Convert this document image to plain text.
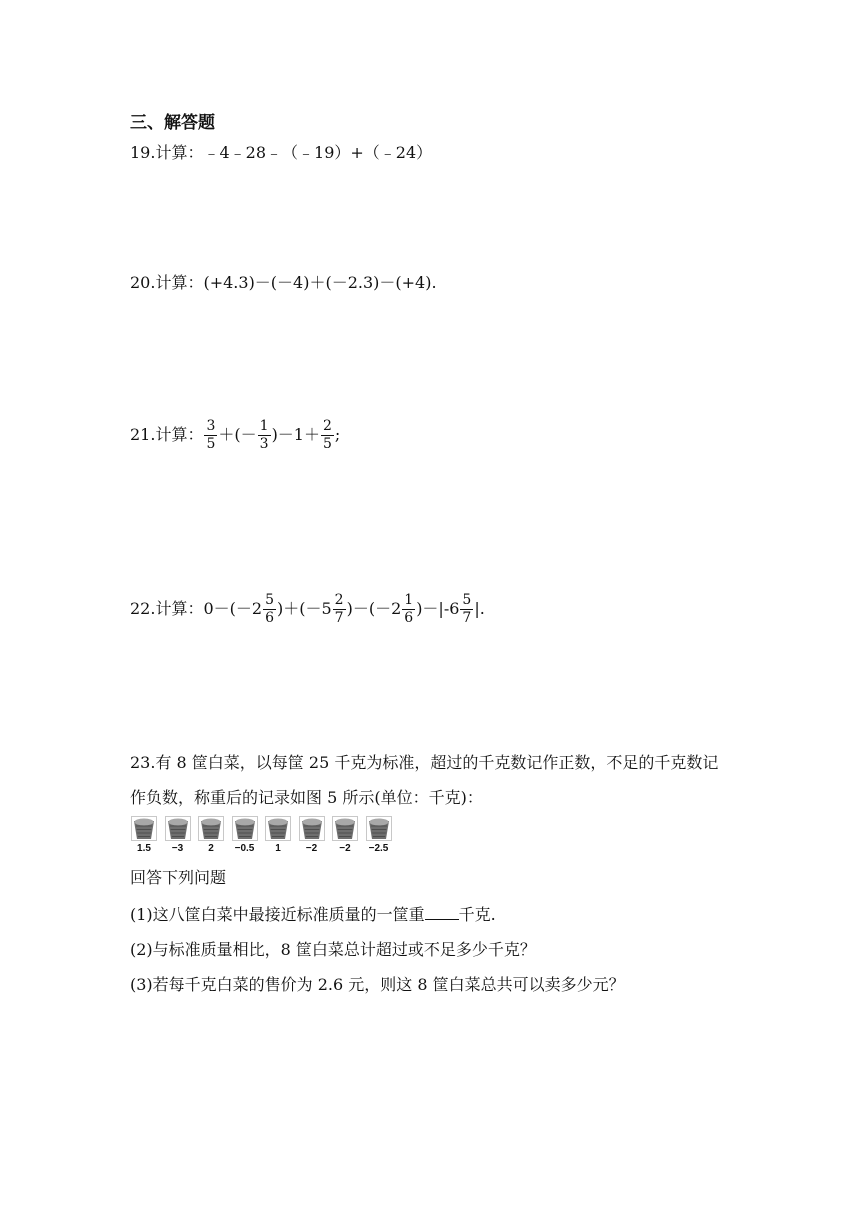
三、解答题
19.计算：﹣4﹣28﹣（﹣19）+（﹣24）
20.计算：(+4.3)－(－4)＋(－2.3)－(+4).
21.计算： $\frac{3}{5}$ ＋(－ $\frac{1}{3} )-1+ \frac{2}{5}$ ;
22.计算：$0-(-2 \frac{5}{6} )+(-5 \frac{2}{7} )-(-2 \frac{1}{6} )-|-6 \frac{5}{7}$ |.
23.有 8 筐白菜，以每筐 25 千克为标准，超过的千克数记作正数，不足的千克数记
作负数，称重后的记录如图 5 所示(单位：千克)：
1.5	−3	2	−0.5	1	−2	−2	−2.5
回答下列问题
(1)这八筐白菜中最接近标准质量的一筐重 千克.
(2)与标准质量相比，8 筐白菜总计超过或不足多少千克？
(3)若每千克白菜的售价为 2.6 元，则这 8 筐白菜总共可以卖多少元？
